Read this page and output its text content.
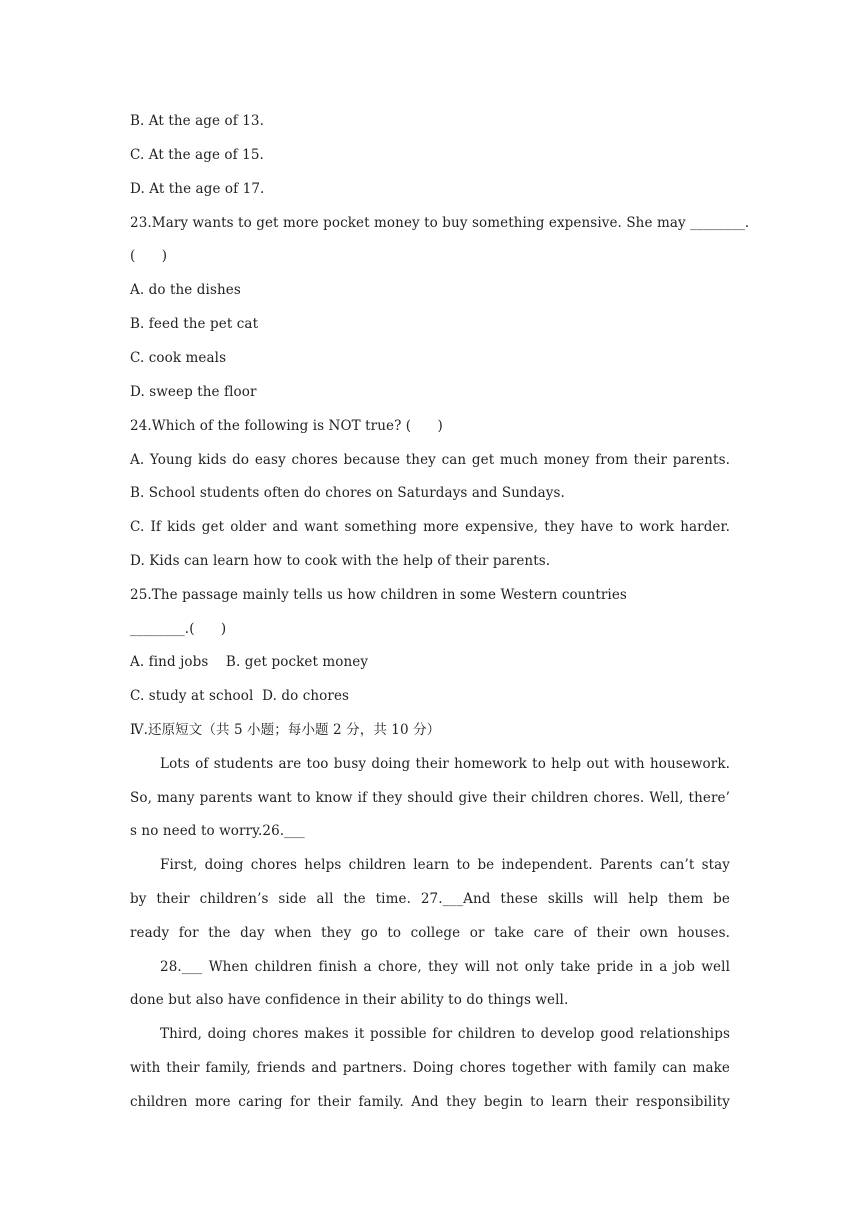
B. At the age of 13.
C. At the age of 15.
D. At the age of 17.
23.Mary wants to get more pocket money to buy something expensive. She may ________.
(      )
A. do the dishes
B. feed the pet cat
C. cook meals
D. sweep the floor
24.Which of the following is NOT true? (      )
A. Young kids do easy chores because they can get much money from their parents.
B. School students often do chores on Saturdays and Sundays.
C. If kids get older and want something more expensive, they have to work harder.
D. Kids can learn how to cook with the help of their parents.
25.The passage mainly tells us how children in some Western countries
________.(      )
A. find jobs    B. get pocket money
C. study at school  D. do chores
Ⅳ.还原短文（共 5 小题；每小题 2 分，共 10 分）
Lots of students are too busy doing their homework to help out with housework.
So, many parents want to know if they should give their children chores. Well, there’
s no need to worry.26.___
First, doing chores helps children learn to be independent. Parents can’t stay
by their children’s side all the time. 27.___And these skills will help them be
ready for the day when they go to college or take care of their own houses.
28.___ When children finish a chore, they will not only take pride in a job well
done but also have confidence in their ability to do things well.
Third, doing chores makes it possible for children to develop good relationships
with their family, friends and partners. Doing chores together with family can make
children more caring for their family. And they begin to learn their responsibility
